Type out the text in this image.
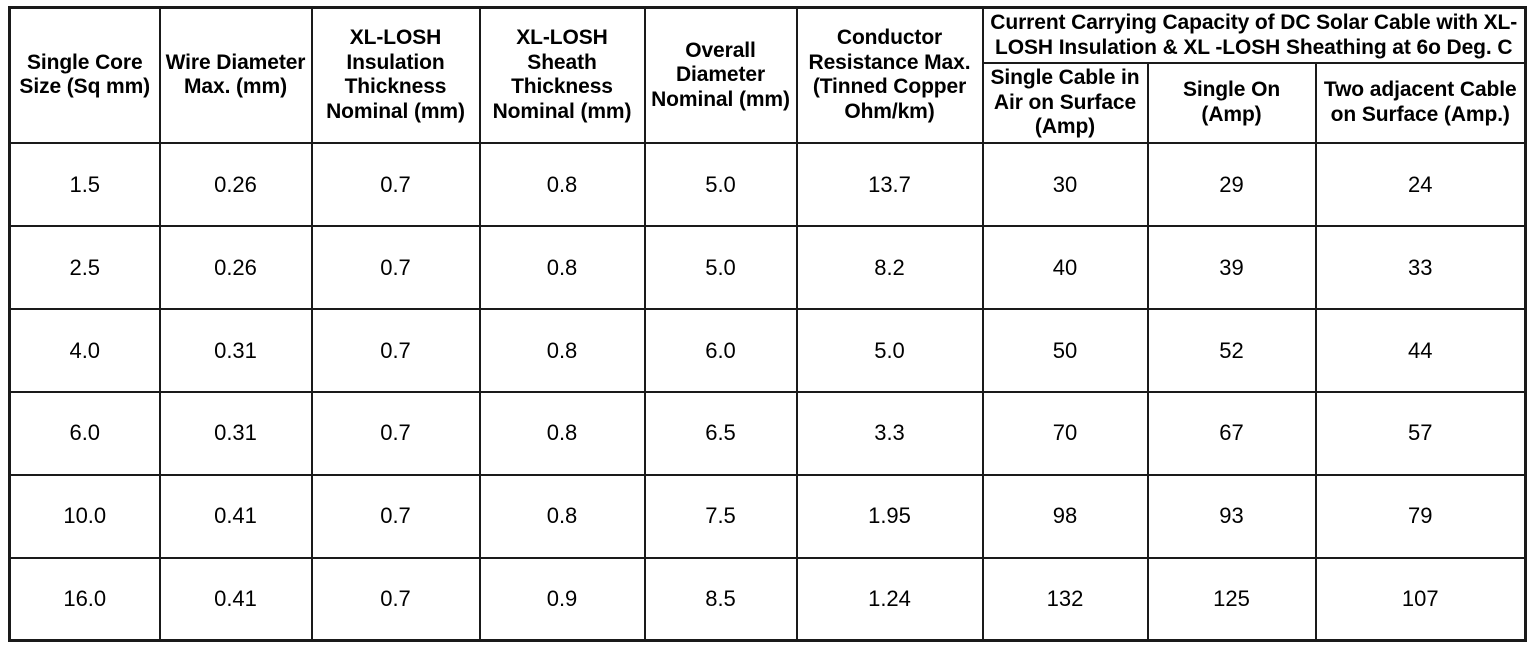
Single Core Size (Sq mm)	Wire Diameter Max. (mm)	XL-LOSH Insulation Thickness Nominal (mm)	XL-LOSH Sheath Thickness Nominal (mm)	Overall Diameter Nominal (mm)	Conductor Resistance Max. (Tinned Copper Ohm/km)	Current Carrying Capacity of DC Solar Cable with XL- LOSH Insulation & XL -LOSH Sheathing at 6o Deg. C		
						Single Cable in Air on Surface (Amp)	Single On (Amp)	Two adjacent Cable on Surface (Amp.)
1.5	0.26	0.7	0.8	5.0	13.7	30	29	24
2.5	0.26	0.7	0.8	5.0	8.2	40	39	33
4.0	0.31	0.7	0.8	6.0	5.0	50	52	44
6.0	0.31	0.7	0.8	6.5	3.3	70	67	57
10.0	0.41	0.7	0.8	7.5	1.95	98	93	79
16.0	0.41	0.7	0.9	8.5	1.24	132	125	107
